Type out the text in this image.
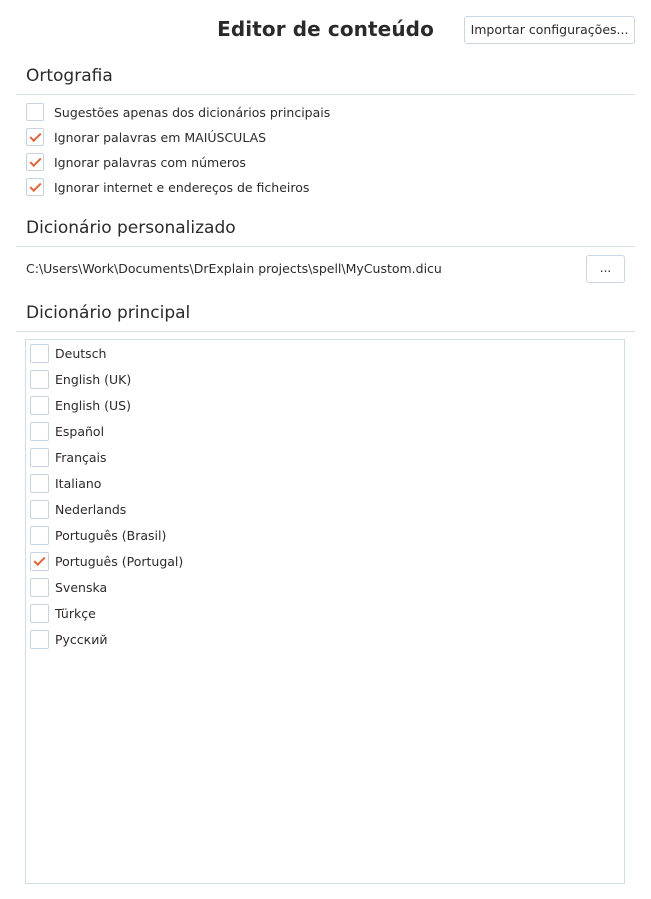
Editor de conteúdo	Importar configurações...
Ortografia
Sugestões apenas dos dicionários principais
Ignorar palavras em MAIÚSCULAS
Ignorar palavras com números
Ignorar internet e endereços de ficheiros
Dicionário personalizado
C:\Users\Work\Documents\DrExplain projects\spell\MyCustom.dicu	...
Dicionário principal
Deutsch
English (UK)
English (US)
Español
Français
Italiano
Nederlands
Português (Brasil)
Português (Portugal)
Svenska
Türkçe
Русский
